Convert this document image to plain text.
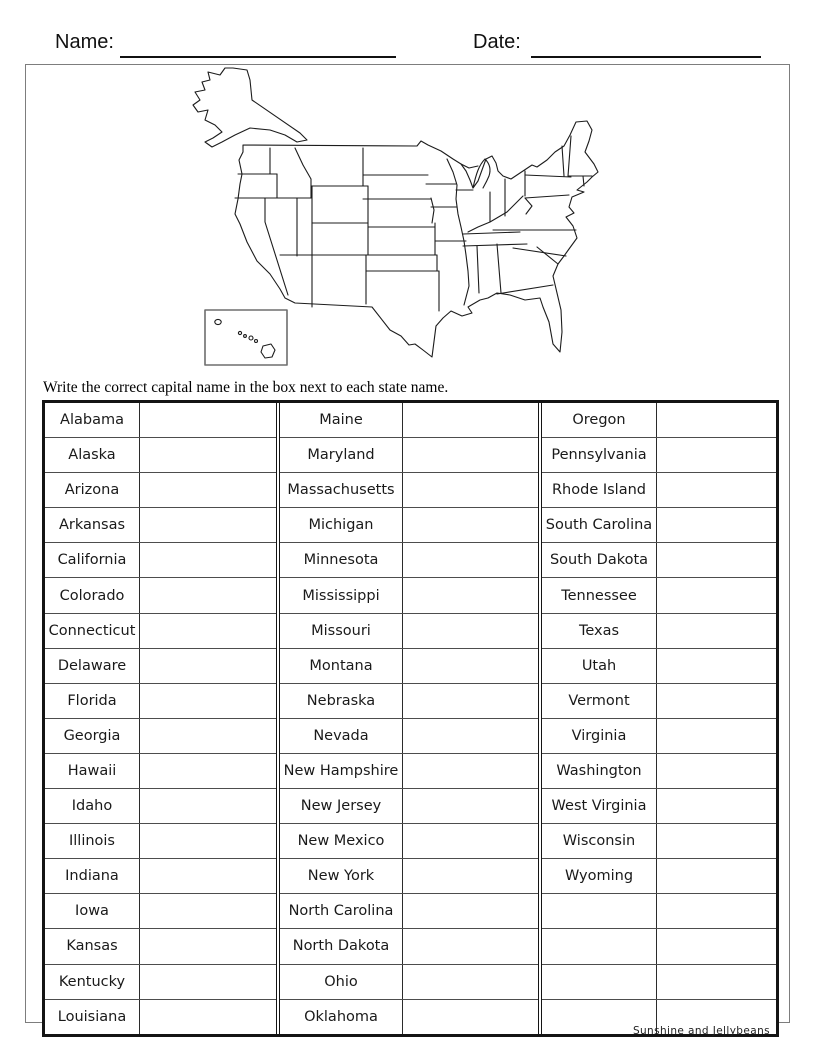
Name:	Date:
Write the correct capital name in the box next to each state name.
Alabama
Alaska
Arizona
Arkansas
California
Colorado
Connecticut
Delaware
Florida
Georgia
Hawaii
Idaho
Illinois
Indiana
Iowa
Kansas
Kentucky
Louisiana
Maine
Maryland
Massachusetts
Michigan
Minnesota
Mississippi
Missouri
Montana
Nebraska
Nevada
New Hampshire
New Jersey
New Mexico
New York
North Carolina
North Dakota
Ohio
Oklahoma
Oregon
Pennsylvania
Rhode Island
South Carolina
South Dakota
Tennessee
Texas
Utah
Vermont
Virginia
Washington
West Virginia
Wisconsin
Wyoming
Sunshine and Jellybeans
